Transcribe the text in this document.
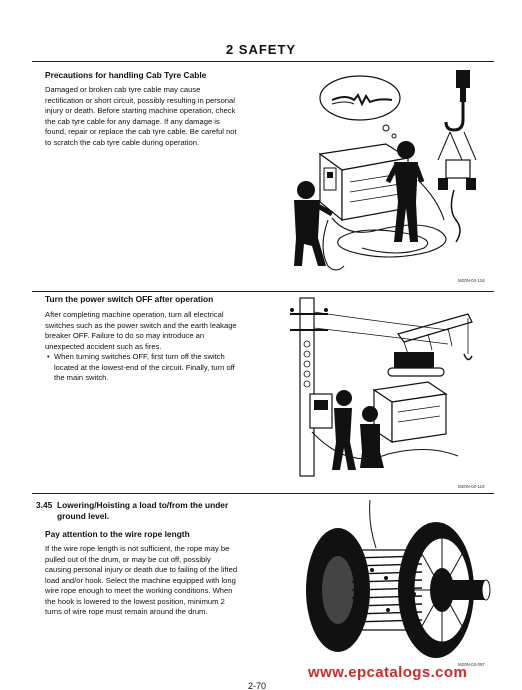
2 SAFETY
Precautions for handling Cab Tyre Cable
Damaged or broken cab tyre cable may cause
rectification or short circuit, possibly resulting in personal
injury or death. Before starting machine operation, check
the cab tyre cable for any damage. If any damage is
found, repair or replace the cab tyre cable. Be careful not
to scratch the cab tyre cable during operation.
M20N-02-118
Turn the power switch OFF after operation
After completing machine operation, turn all electrical
switches such as the power switch and the earth leakage
breaker OFF. Failure to do so may introduce an
unexpected accident such as fires.
• When turning switches OFF, first turn off the switch
located at the lowest-end of the circuit. Finally, turn off
the main switch.
M20N-02-119
3.45 Lowering/Hoisting a load to/from the under
ground level.
Pay attention to the wire rope length
If the wire rope length is not sufficient, the rope may be
pulled out of the drum, or may be cut off, possibly
causing personal injury or death due to failing of the lifted
load and/or hook. Select the machine equipped with long
wire rope enough to meet the working conditions. When
the hook is lowered to the lowest position, minimum 2
turns of wire rope must remain around the drum.
M20N-02-097
www.epcatalogs.com
2-70
